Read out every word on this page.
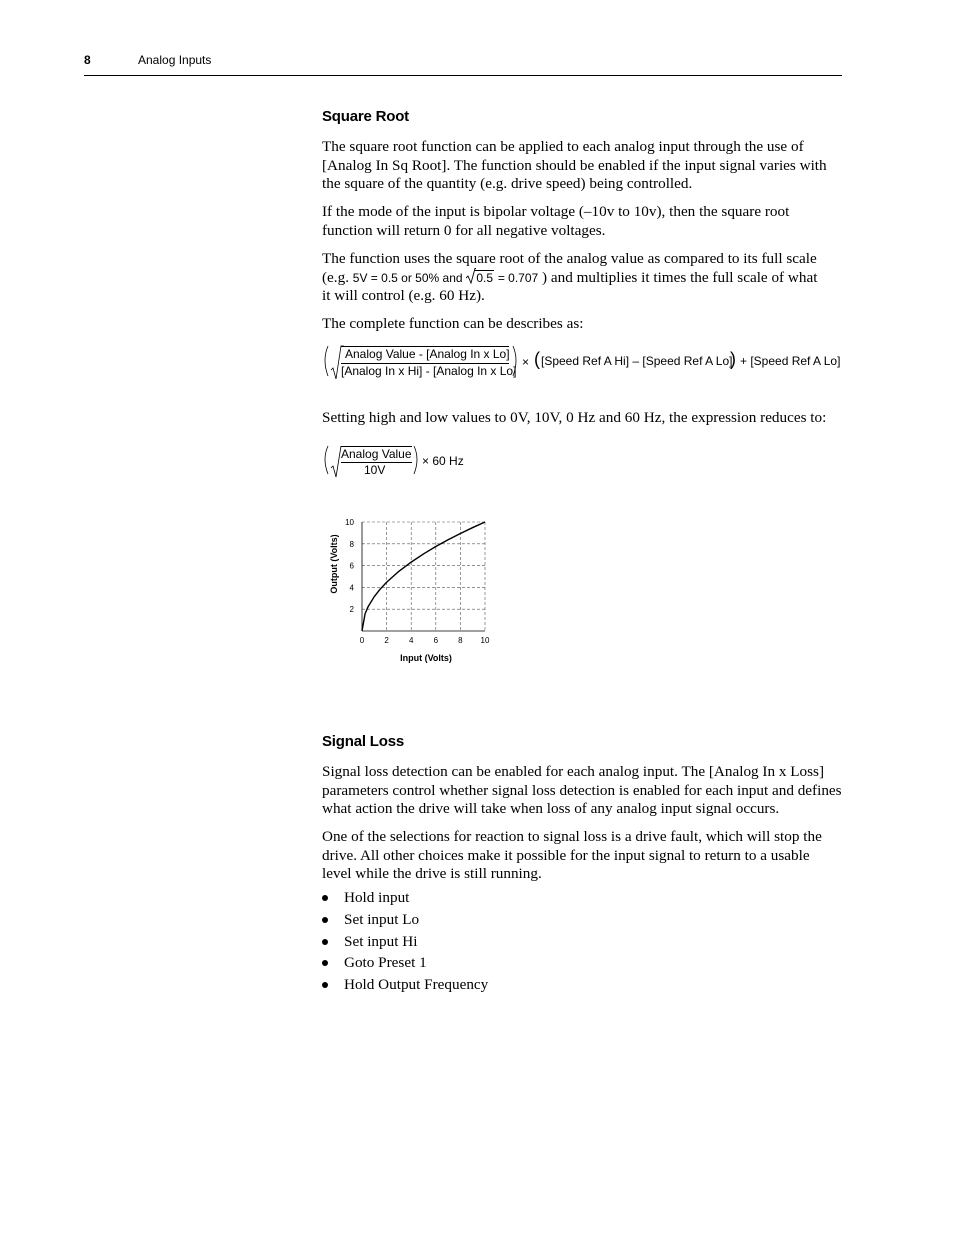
8	Analog Inputs
Square Root

The square root function can be applied to each analog input through the use of [Analog In Sq Root]. The function should be enabled if the input signal varies with the square of the quantity (e.g. drive speed) being controlled.

If the mode of the input is bipolar voltage (–10v to 10v), then the square root function will return 0 for all negative voltages.

The function uses the square root of the analog value as compared to its full scale

(e.g. 5V = 0.5 or 50% and 0.5 = 0.707 ) and multiplies it times the full scale of what

it will control (e.g. 60 Hz).

The complete function can be describes as:

Analog Value - [Analog In x Lo]
[Analog In x Hi] - [Analog In x Lo]
× ( [Speed Ref A Hi] – [Speed Ref A Lo]
) + [Speed Ref A Lo]

Setting high and low values to 0V, 10V, 0 Hz and 60 Hz, the expression reduces to:

Analog Value
10V
× 60 Hz
0	2	4	6	8 10
2
4
6
8
10
Input (Volts)
Output (Volts)
Signal Loss

Signal loss detection can be enabled for each analog input. The [Analog In x Loss] parameters control whether signal loss detection is enabled for each input and defines what action the drive will take when loss of any analog input signal occurs.

One of the selections for reaction to signal loss is a drive fault, which will stop the drive. All other choices make it possible for the input signal to return to a usable level while the drive is still running.

Hold input
Set input Lo
Set input Hi
Goto Preset 1
Hold Output Frequency
